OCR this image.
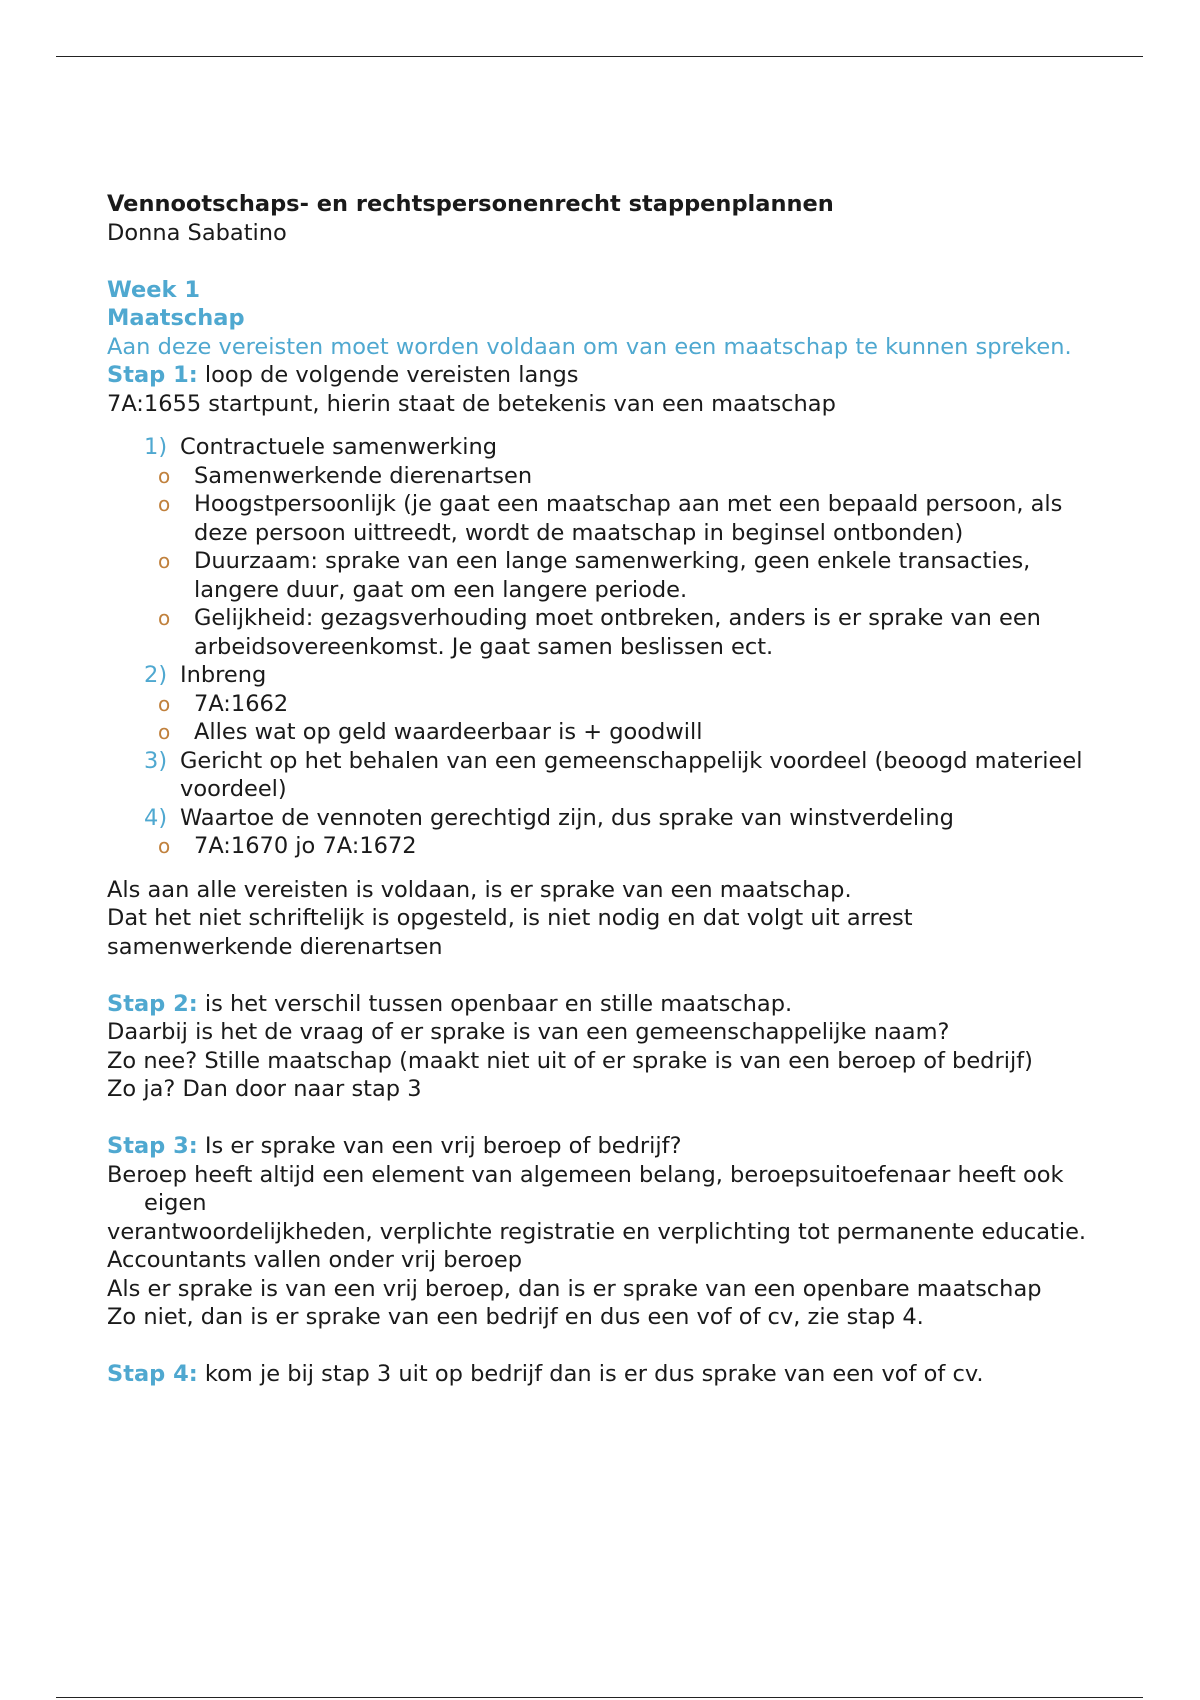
Vennootschaps- en rechtspersonenrecht stappenplannen

Donna Sabatino

Week 1

Maatschap

Aan deze vereisten moet worden voldaan om van een maatschap te kunnen spreken.

Stap 1: loop de volgende vereisten langs

7A:1655 startpunt, hierin staat de betekenis van een maatschap

1) Contractuele samenwerking
o Samenwerkende dierenartsen
o Hoogstpersoonlijk (je gaat een maatschap aan met een bepaald persoon, als deze persoon uittreedt, wordt de maatschap in beginsel ontbonden)
o Duurzaam: sprake van een lange samenwerking, geen enkele transacties, langere duur, gaat om een langere periode.
o Gelijkheid: gezagsverhouding moet ontbreken, anders is er sprake van een arbeidsovereenkomst. Je gaat samen beslissen ect.
2) Inbreng
o 7A:1662
o Alles wat op geld waardeerbaar is + goodwill
3) Gericht op het behalen van een gemeenschappelijk voordeel (beoogd materieel voordeel)
4) Waartoe de vennoten gerechtigd zijn, dus sprake van winstverdeling
o 7A:1670 jo 7A:1672

Als aan alle vereisten is voldaan, is er sprake van een maatschap.

Dat het niet schriftelijk is opgesteld, is niet nodig en dat volgt uit arrest

samenwerkende dierenartsen

Stap 2: is het verschil tussen openbaar en stille maatschap.

Daarbij is het de vraag of er sprake is van een gemeenschappelijke naam?

Zo nee? Stille maatschap (maakt niet uit of er sprake is van een beroep of bedrijf)

Zo ja? Dan door naar stap 3

Stap 3: Is er sprake van een vrij beroep of bedrijf?

Beroep heeft altijd een element van algemeen belang, beroepsuitoefenaar heeft ook eigen

verantwoordelijkheden, verplichte registratie en verplichting tot permanente educatie.

Accountants vallen onder vrij beroep

Als er sprake is van een vrij beroep, dan is er sprake van een openbare maatschap

Zo niet, dan is er sprake van een bedrijf en dus een vof of cv, zie stap 4.

Stap 4: kom je bij stap 3 uit op bedrijf dan is er dus sprake van een vof of cv.
